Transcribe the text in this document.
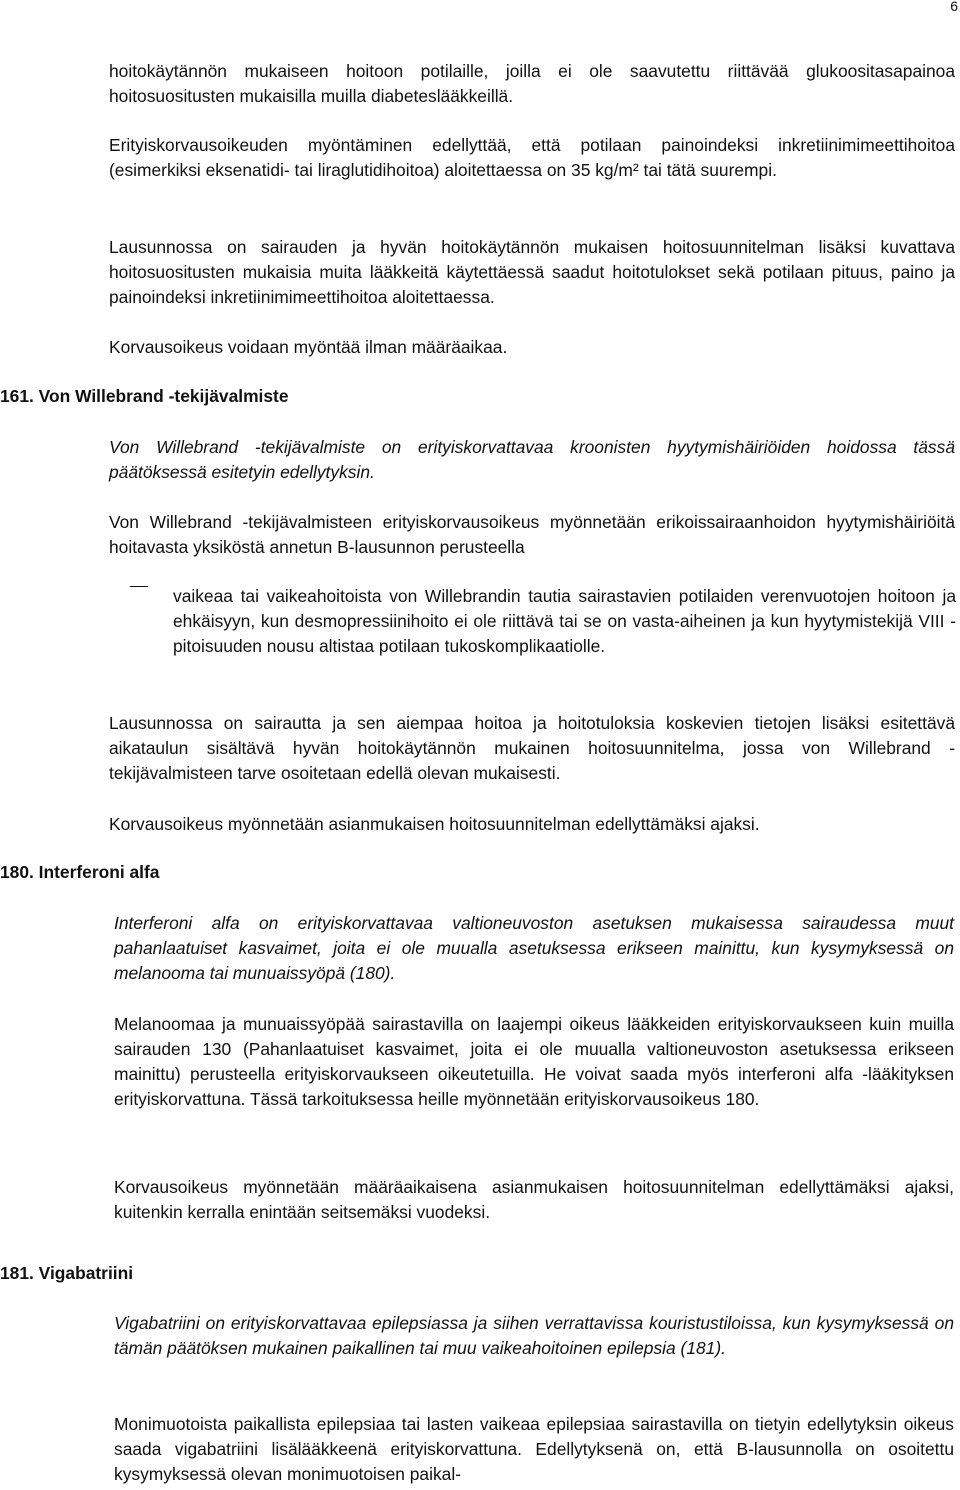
6

hoitokäytännön mukaiseen hoitoon potilaille, joilla ei ole saavutettu riittävää glukoositasapainoa hoitosuositusten mukaisilla muilla diabeteslääkkeillä.

Erityiskorvausoikeuden myöntäminen edellyttää, että potilaan painoindeksi inkretiinimimeettihoitoa (esimerkiksi eksenatidi- tai liraglutidihoitoa) aloitettaessa on 35 kg/m² tai tätä suurempi.

Lausunnossa on sairauden ja hyvän hoitokäytännön mukaisen hoitosuunnitelman lisäksi kuvattava hoitosuositusten mukaisia muita lääkkeitä käytettäessä saadut hoitotulokset sekä potilaan pituus, paino ja painoindeksi inkretiinimimeettihoitoa aloitettaessa.

Korvausoikeus voidaan myöntää ilman määräaikaa.

161. Von Willebrand -tekijävalmiste

Von Willebrand -tekijävalmiste on erityiskorvattavaa kroonisten hyytymishäiriöiden hoidossa tässä päätöksessä esitetyin edellytyksin.

Von Willebrand -tekijävalmisteen erityiskorvausoikeus myönnetään erikoissairaanhoidon hyytymishäiriöitä hoitavasta yksiköstä annetun B-lausunnon perusteella

vaikeaa tai vaikeahoitoista von Willebrandin tautia sairastavien potilaiden verenvuotojen hoitoon ja ehkäisyyn, kun desmopressiinihoito ei ole riittävä tai se on vasta-aiheinen ja kun hyytymistekijä VIII -pitoisuuden nousu altistaa potilaan tukoskomplikaatiolle.

Lausunnossa on sairautta ja sen aiempaa hoitoa ja hoitotuloksia koskevien tietojen lisäksi esitettävä aikataulun sisältävä hyvän hoitokäytännön mukainen hoitosuunnitelma, jossa von Willebrand -tekijävalmisteen tarve osoitetaan edellä olevan mukaisesti.

Korvausoikeus myönnetään asianmukaisen hoitosuunnitelman edellyttämäksi ajaksi.

180. Interferoni alfa

Interferoni alfa on erityiskorvattavaa valtioneuvoston asetuksen mukaisessa sairaudessa muut pahanlaatuiset kasvaimet, joita ei ole muualla asetuksessa erikseen mainittu, kun kysymyksessä on melanooma tai munuaissyöpä (180).

Melanoomaa ja munuaissyöpää sairastavilla on laajempi oikeus lääkkeiden erityiskorvaukseen kuin muilla sairauden 130 (Pahanlaatuiset kasvaimet, joita ei ole muualla valtioneuvoston asetuksessa erikseen mainittu) perusteella erityiskorvaukseen oikeutetuilla. He voivat saada myös interferoni alfa -lääkityksen erityiskorvattuna. Tässä tarkoituksessa heille myönnetään erityiskorvausoikeus 180.

Korvausoikeus myönnetään määräaikaisena asianmukaisen hoitosuunnitelman edellyttämäksi ajaksi, kuitenkin kerralla enintään seitsemäksi vuodeksi.

181. Vigabatriini

Vigabatriini on erityiskorvattavaa epilepsiassa ja siihen verrattavissa kouristustiloissa, kun kysymyksessä on tämän päätöksen mukainen paikallinen tai muu vaikeahoitoinen epilepsia (181).

Monimuotoista paikallista epilepsiaa tai lasten vaikeaa epilepsiaa sairastavilla on tietyin edellytyksin oikeus saada vigabatriini lisälääkkeenä erityiskorvattuna. Edellytyksenä on, että B-lausunnolla on osoitettu kysymyksessä olevan monimuotoisen paikal-
